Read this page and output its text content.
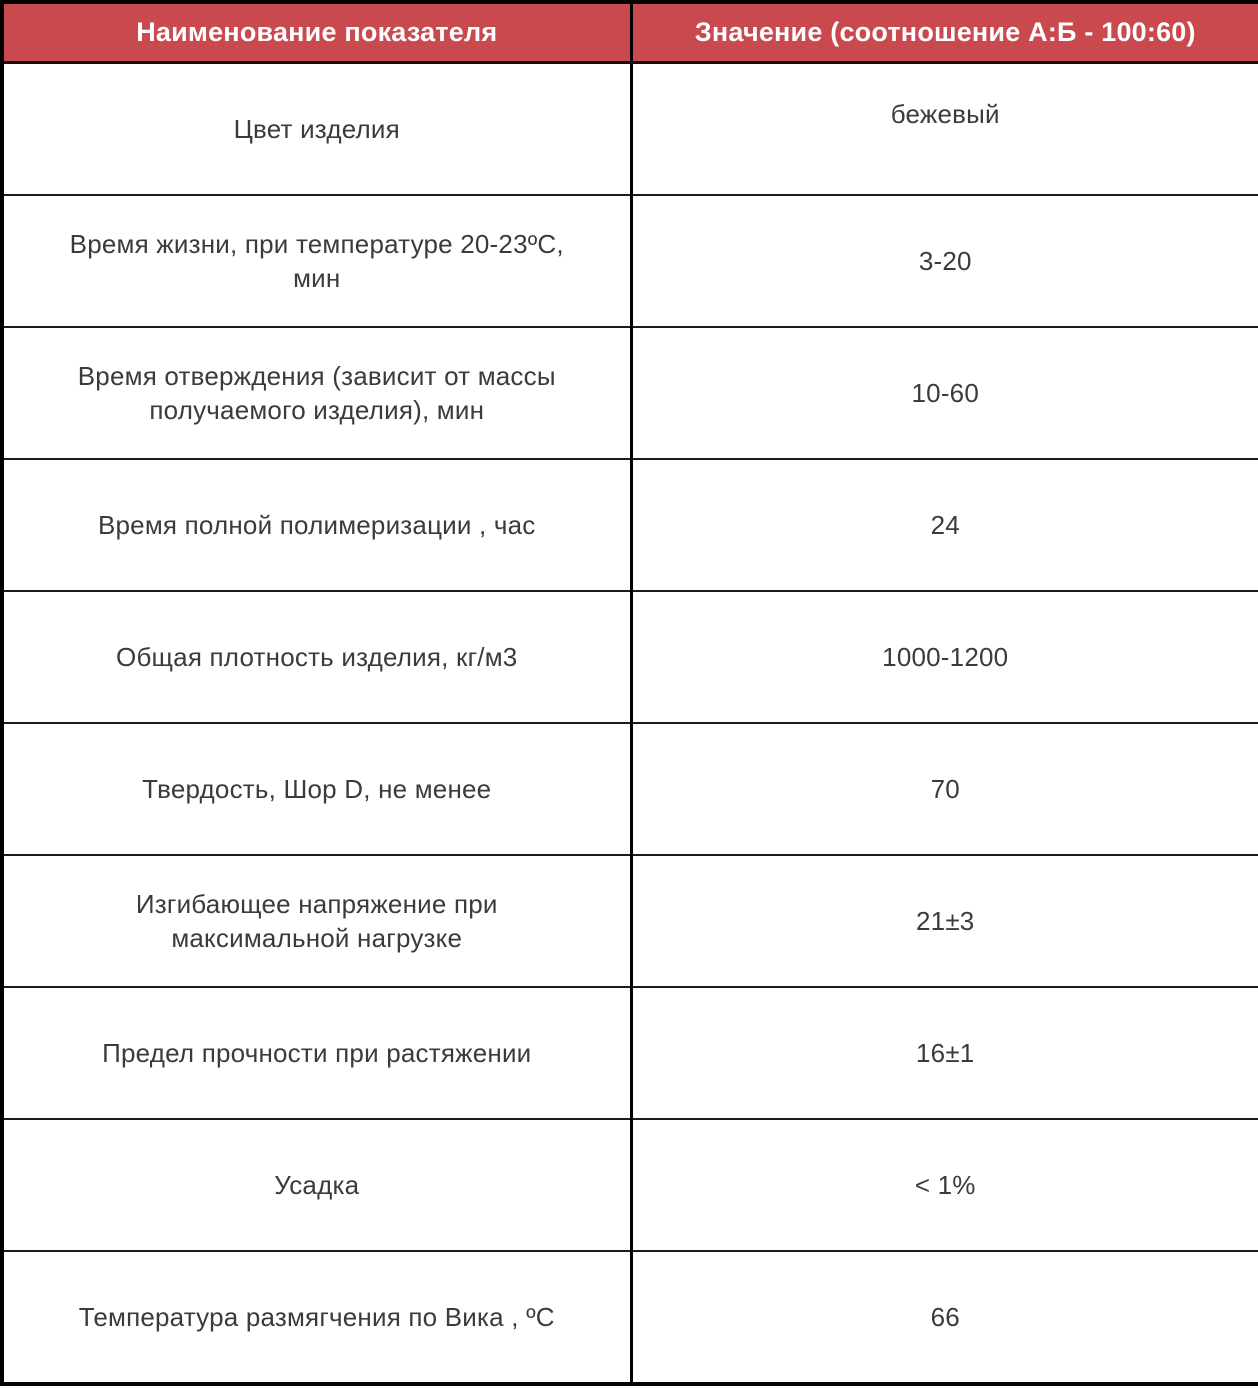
Наименование показателя	Значение (соотношение А:Б - 100:60)
Цвет изделия	бежевый
Время жизни, при температуре 20-23ºС, мин	3-20
Время отверждения (зависит от массы получаемого изделия), мин	10-60
Время полной полимеризации , час	24
Общая плотность изделия, кг/м3	1000-1200
Твердость, Шор D, не менее	70
Изгибающее напряжение при максимальной нагрузке	21±3
Предел прочности при растяжении	16±1
Усадка	< 1%
Температура размягчения по Вика , ºС	66
